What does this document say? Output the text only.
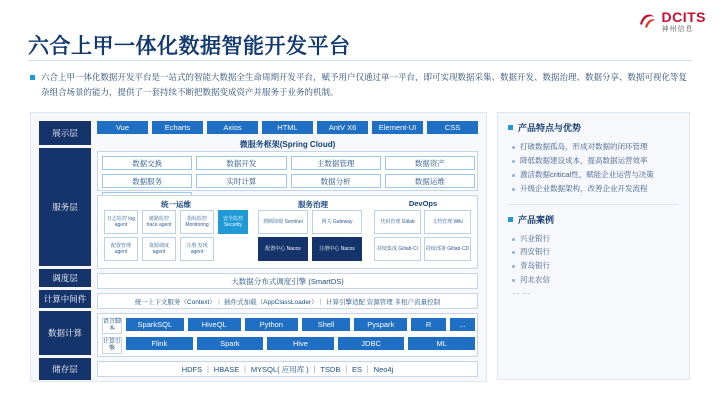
DCITS
神州信息
六合上甲一体化数据智能开发平台

六合上甲一体化数据开发平台是一站式的智能大数据全生命周期开发平台，赋予用户仅通过单一平台，即可实现数据采集、数据开发、数据治理、数据分享、数据可视化等复杂组合场景的能力，提供了一套持续不断把数据变成资产并服务于业务的机制。

展示层
服务层
调度层
计算中间件
数据计算
储存层
Vue	Echarts	Axios	HTML	AntV X6	Element-UI	CSS
微服务框架(Spring Cloud)
数据交换	数据开发	主数据管理	数据资产
数据服务	实时计算	数据分析	数据运维
统一运维	服务治理	DevOps
日志监控 log agent
链路监控 trace agent
指标监控 Monitoring
安全监控 Security
配置管理 agent
资源调度 agent
注册 发现 agent
熔断降级 Sentinel	网关 Gateway
配置中心 Nacos	注册中心 Nacos
代码管理 Gitlab	文档管理 Wiki
持续集成 Gitlab-CI	持续部署 Gitlab-CD
大数据分布式调度引擎 (SmartDS)
统一上下文服务（Context）｜ 插件式加载（AppClassLoader）｜ 计算引擎适配 资源管理 多租户流量控制
语言脚本
计算引擎
SparkSQL	HiveQL	Python	Shell	Pyspark	R	...
Flink	Spark	Hive	JDBC	ML
HDFS ｜ HBASE ｜ MYSQL( 应用库 ) ｜ TSDB ｜ ES ｜ Neo4j
产品特点与优势
打破数据孤岛，形成对数据的闭环管理
降低数据建设成本，提高数据运营效率
激活数据critical性，赋能企业运营与决策
升级企业数据架构，改善企业开发流程
产品案例
兴业银行
西安银行
青岛银行
河北农信
……
